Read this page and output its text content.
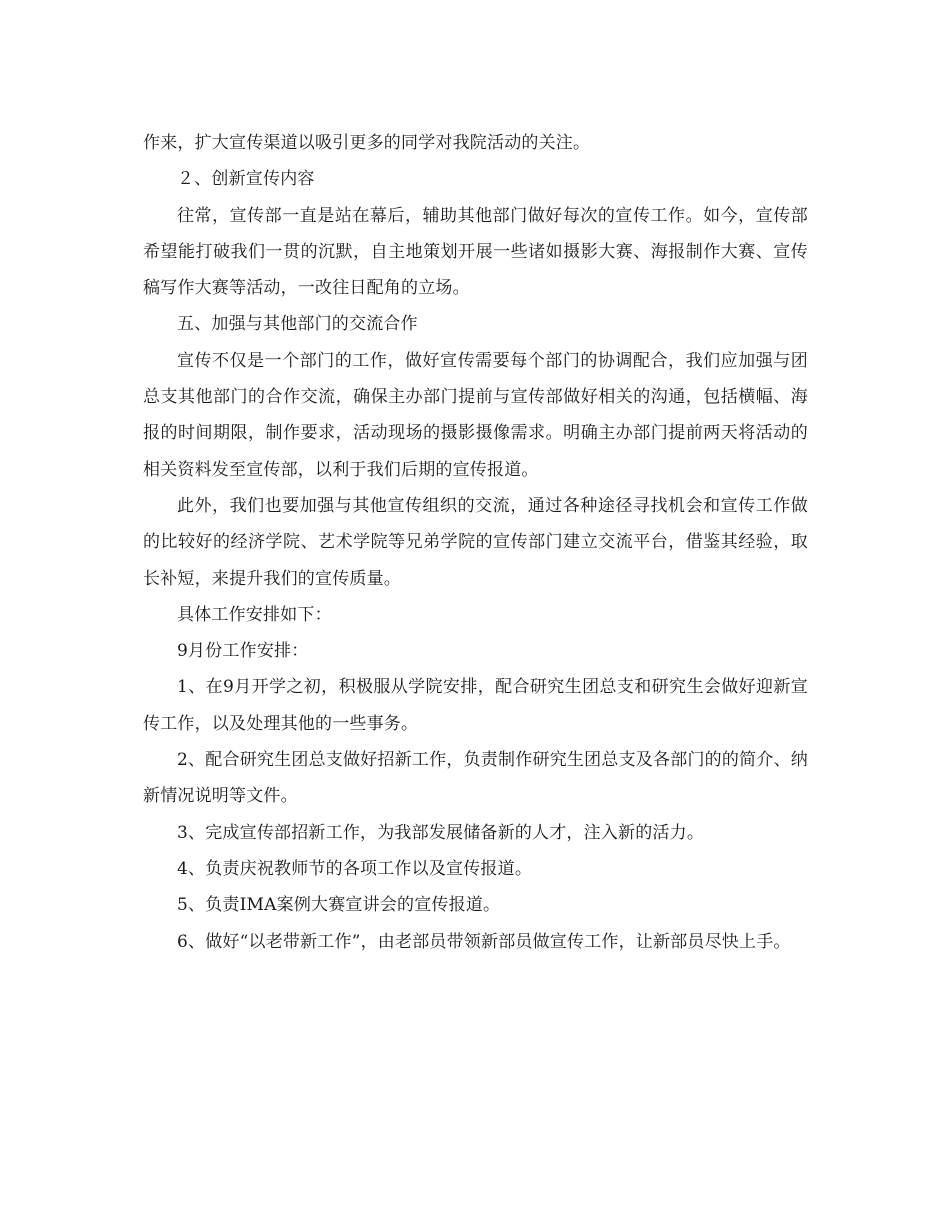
作来，扩大宣传渠道以吸引更多的同学对我院活动的关注。

２、创新宣传内容

往常，宣传部一直是站在幕后，辅助其他部门做好每次的宣传工作。如今，宣传部希望能打破我们一贯的沉默，自主地策划开展一些诸如摄影大赛、海报制作大赛、宣传稿写作大赛等活动，一改往日配角的立场。

五、加强与其他部门的交流合作

宣传不仅是一个部门的工作，做好宣传需要每个部门的协调配合，我们应加强与团总支其他部门的合作交流，确保主办部门提前与宣传部做好相关的沟通，包括横幅、海报的时间期限，制作要求，活动现场的摄影摄像需求。明确主办部门提前两天将活动的相关资料发至宣传部，以利于我们后期的宣传报道。

此外，我们也要加强与其他宣传组织的交流，通过各种途径寻找机会和宣传工作做的比较好的经济学院、艺术学院等兄弟学院的宣传部门建立交流平台，借鉴其经验，取长补短，来提升我们的宣传质量。

具体工作安排如下：

9月份工作安排：

1、在9月开学之初，积极服从学院安排，配合研究生团总支和研究生会做好迎新宣传工作，以及处理其他的一些事务。

2、配合研究生团总支做好招新工作，负责制作研究生团总支及各部门的的简介、纳新情况说明等文件。

3、完成宣传部招新工作，为我部发展储备新的人才，注入新的活力。

4、负责庆祝教师节的各项工作以及宣传报道。

5、负责IMA案例大赛宣讲会的宣传报道。

6、做好“以老带新工作”，由老部员带领新部员做宣传工作，让新部员尽快上手。
